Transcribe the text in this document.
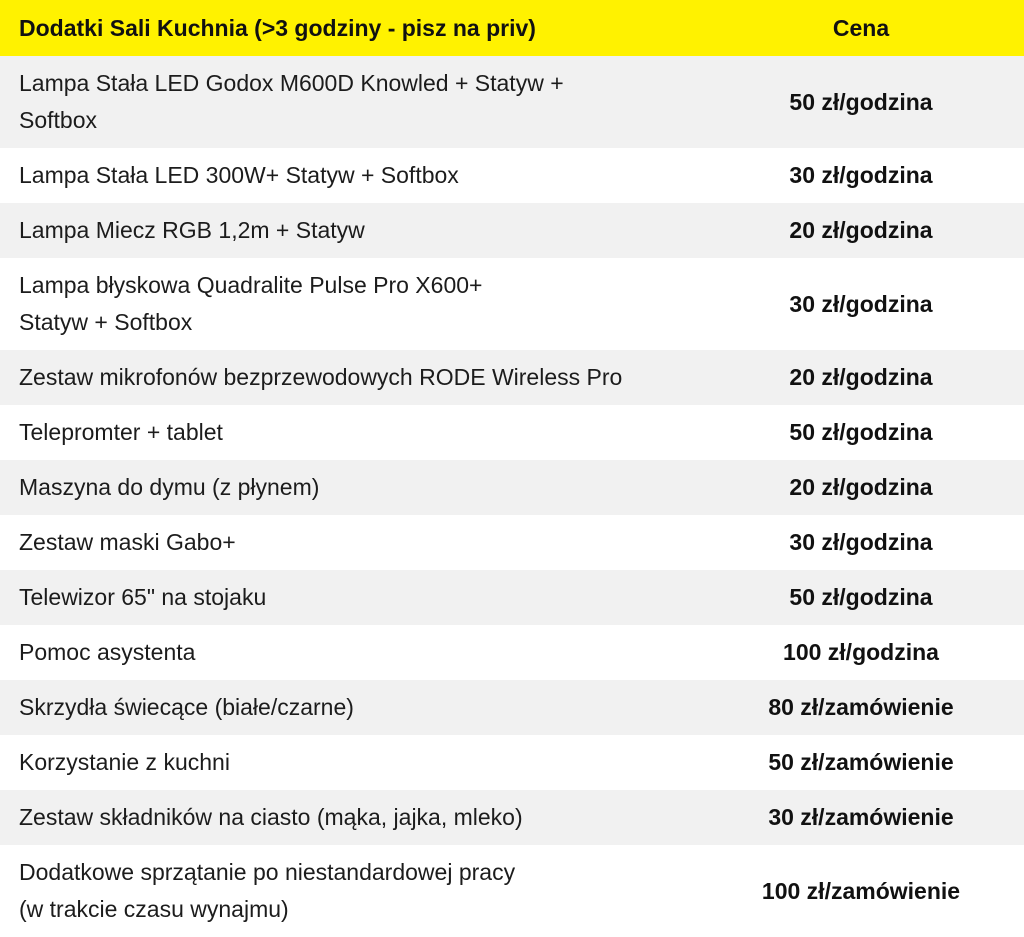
Dodatki Sali Kuchnia (>3 godziny - pisz na priv)	Cena
Lampa Stała LED Godox M600D Knowled + Statyw +
Softbox	50 zł/godzina
Lampa Stała LED 300W+ Statyw + Softbox	30 zł/godzina
Lampa Miecz RGB 1,2m + Statyw	20 zł/godzina
Lampa błyskowa Quadralite Pulse Pro X600+
Statyw + Softbox	30 zł/godzina
Zestaw mikrofonów bezprzewodowych RODE Wireless Pro	20 zł/godzina
Telepromter + tablet	50 zł/godzina
Maszyna do dymu (z płynem)	20 zł/godzina
Zestaw maski Gabo+	30 zł/godzina
Telewizor 65" na stojaku	50 zł/godzina
Pomoc asystenta	100 zł/godzina
Skrzydła świecące (białe/czarne)	80 zł/zamówienie
Korzystanie z kuchni	50 zł/zamówienie
Zestaw składników na ciasto (mąka, jajka, mleko)	30 zł/zamówienie
Dodatkowe sprzątanie po niestandardowej pracy
(w trakcie czasu wynajmu)	100 zł/zamówienie
